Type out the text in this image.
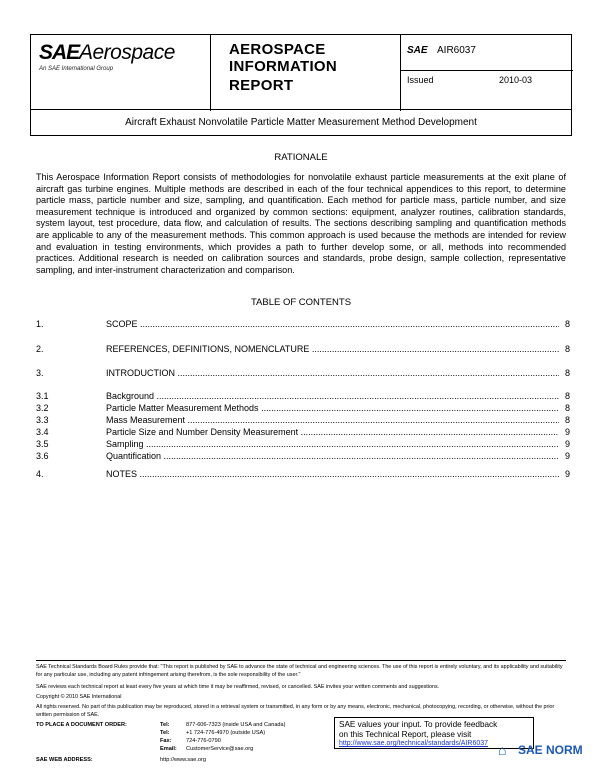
SAE Aerospace
An SAE International Group
AEROSPACE
INFORMATION
REPORT
SAE AIR6037
Issued	2010-03
Aircraft Exhaust Nonvolatile Particle Matter Measurement Method Development
RATIONALE

This Aerospace Information Report consists of methodologies for nonvolatile exhaust particle measurements at the exit plane of aircraft gas turbine engines. Multiple methods are described in each of the four technical appendices to this report, to determine particle mass, particle number and size, sampling, and quantification. Each method for particle mass, particle number, and size measurement technique is introduced and organized by common sections: equipment, analyzer routines, calibration standards, system layout, test procedure, data flow, and calculation of results. The sections describing sampling and quantification methods are applicable to any of the measurement methods. This common approach is used because the methods are intended for review and evaluation in testing environments, which provides a path to further develop some, or all, methods into recommended practices. Additional research is needed on calibration sources and standards, probe design, sample collection, representative sampling, and inter-instrument characterization and comparison.

TABLE OF CONTENTS
1.	SCOPE .....	8
2.	REFERENCES, DEFINITIONS, NOMENCLATURE .....	8
3.	INTRODUCTION .....	8
3.1	Background .....	8
3.2	Particle Matter Measurement Methods .....	8
3.3	Mass Measurement .....	8
3.4	Particle Size and Number Density Measurement .....	9
3.5	Sampling .....	9
3.6	Quantification .....	9
4.	NOTES .....	9

SAE Technical Standards Board Rules provide that: "This report is published by SAE to advance the state of technical and engineering sciences. The use of this report is entirely voluntary, and its applicability and suitability for any particular use, including any patent infringement arising therefrom, is the sole responsibility of the user."

SAE reviews each technical report at least every five years at which time it may be reaffirmed, revised, or cancelled. SAE invites your written comments and suggestions.

Copyright © 2010 SAE International

All rights reserved. No part of this publication may be reproduced, stored in a retrieval system or transmitted, in any form or by any means, electronic, mechanical, photocopying, recording, or otherwise, without the prior written permission of SAE.

TO PLACE A DOCUMENT ORDER:	Tel:	877-606-7323 (inside USA and Canada)
Tel:	+1 724-776-4970 (outside USA)
Fax:	724-776-0790
Email: CustomerService@sae.org
SAE values your input. To provide feedback
on this Technical Report, please visit
http://www.sae.org/technical/standards/AIR6037
SAE WEB ADDRESS:	http://www.sae.org
⌂ SAE NORM
